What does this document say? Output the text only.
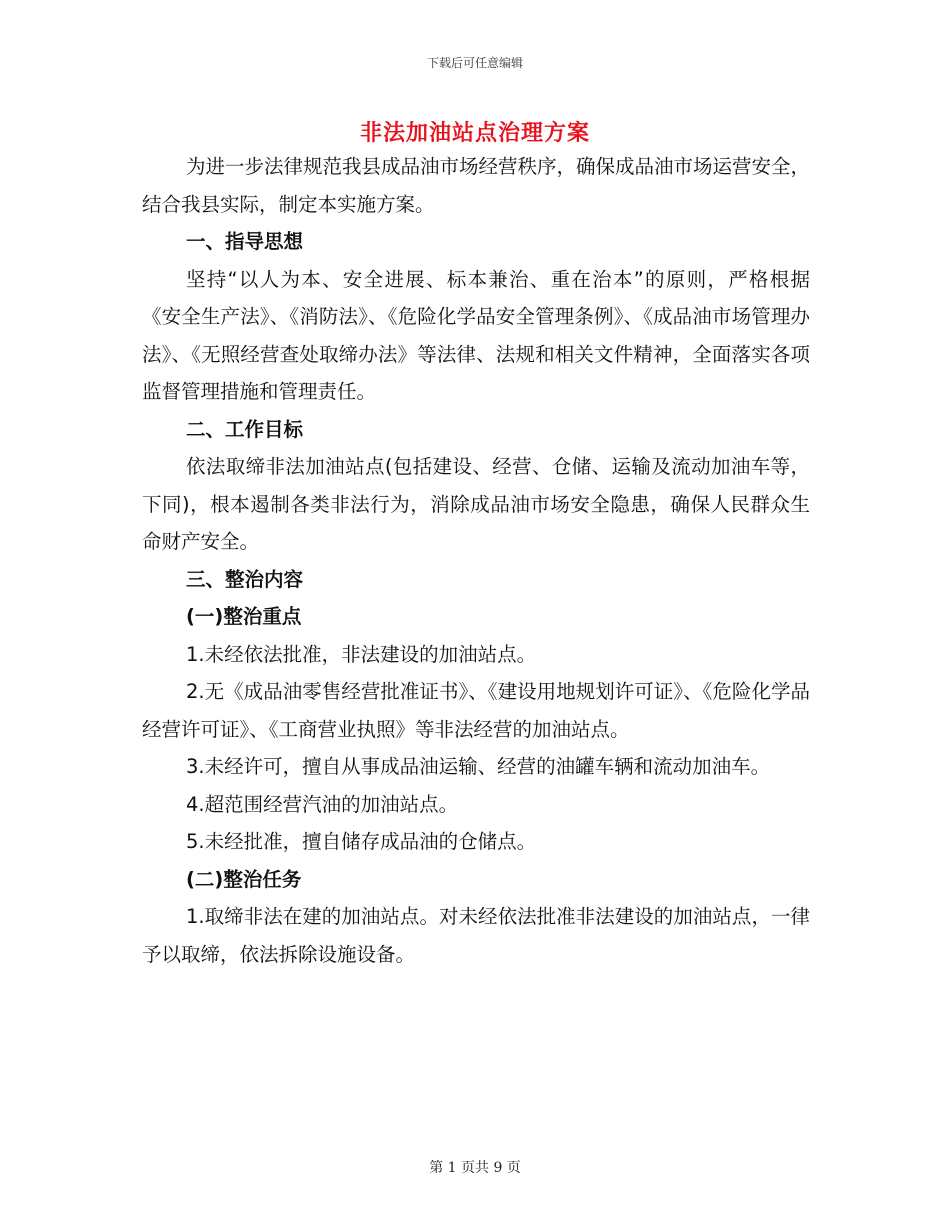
下载后可任意编辑
非法加油站点治理方案

为进一步法律规范我县成品油市场经营秩序，确保成品油市场运营安全，结合我县实际，制定本实施方案。

一、指导思想

坚持“以人为本、安全进展、标本兼治、重在治本”的原则，严格根据《安全生产法》、《消防法》、《危险化学品安全管理条例》、《成品油市场管理办法》、《无照经营查处取缔办法》等法律、法规和相关文件精神，全面落实各项监督管理措施和管理责任。

二、工作目标

依法取缔非法加油站点(包括建设、经营、仓储、运输及流动加油车等，下同)，根本遏制各类非法行为，消除成品油市场安全隐患，确保人民群众生命财产安全。

三、整治内容

(一)整治重点

1.未经依法批准，非法建设的加油站点。

2.无《成品油零售经营批准证书》、《建设用地规划许可证》、《危险化学品经营许可证》、《工商营业执照》等非法经营的加油站点。

3.未经许可，擅自从事成品油运输、经营的油罐车辆和流动加油车。

4.超范围经营汽油的加油站点。

5.未经批准，擅自储存成品油的仓储点。

(二)整治任务

1.取缔非法在建的加油站点。对未经依法批准非法建设的加油站点，一律予以取缔，依法拆除设施设备。

第 1 页共 9 页
